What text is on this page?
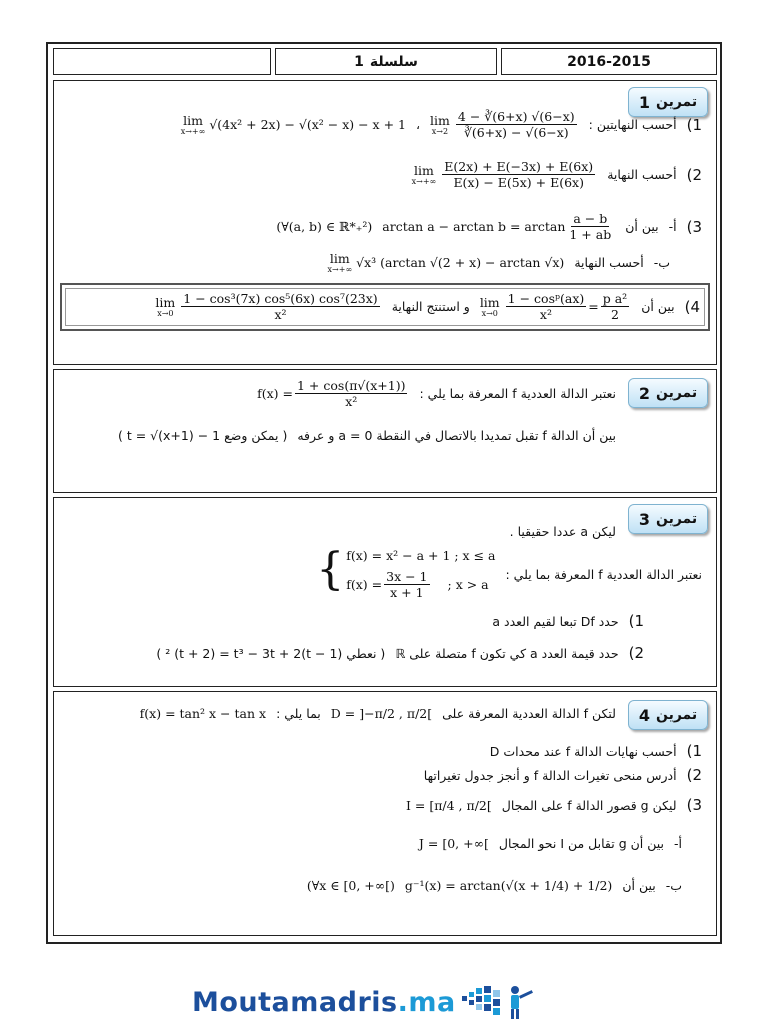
سلسلة
1	2016-2015
تمرين
1
1)
أحسب النهايتين :
lim
$x\to 2 \frac{4 - ∛(6+x) √(6-x)}{∛(6+x) - √(6-x)}$
،
lim
x→+∞ √(4x² + 2x) − √(x² − x) − x + 1
2)
أحسب النهاية
lim
$x\to+\infty \frac{E(2x) + E(-3x) + E(6x)}{E(x) - E(5x) + E(6x)}$
3)
أ-
بين أن
$\arctan a - \arctan b = \arctan \frac{a - b}{1 + ab}$
(∀(a, b) ∈ ℝ*₊²)
ب-
أحسب النهاية
lim
x→+∞ √x³ (arctan √(2 + x) − arctan √x)
4)
بين أن
lim
$x\to 0 \frac{\text{1 − cosᵖ(ax)}}{\text{x²}} = \frac{\text{p a²}}{2}$
و استنتج النهاية
lim
$x\to 0 \frac{\text{1 − cos³(7x) cos⁵(6x) cos⁷(23x)}}{\text{x²}}$
تمرين
2
نعتبر الدالة العددية f المعرفة بما يلي :
$f(x) = \frac{1 + \cos(\pi√(x+1))}{\text{x²}}$
بين أن الدالة f تقبل تمديدا بالاتصال في النقطة a = 0 و عرفه
( يمكن وضع t = √(x+1) − 1 )
تمرين
3
ليكن a عددا حقيقيا .
نعتبر الدالة العددية f المعرفة بما يلي :
{ f(x) = x² − a + 1 ; x ≤ a
$f(x) = \frac{3x - 1}{x + 1}$ ; x > a
1)
حدد Df تبعا لقيم العدد a
2)
حدد قيمة العدد a كي تكون f متصلة على ℝ
( نعطي (t − 1)² (t + 2) = t³ − 3t + 2 )
تمرين
4
لتكن f الدالة العددية المعرفة على
D = ]−π/2 , π/2[
بما يلي :
f(x) = tan² x − tan x
1)
أحسب نهايات الدالة f عند محدات D
2)
أدرس منحى تغيرات الدالة f و أنجز جدول تغيراتها
3)
ليكن g قصور الدالة f على المجال
I = [π/4 , π/2[
أ-
بين أن g تقابل من I نحو المجال
J = [0, +∞[
ب-
بين أن
g⁻¹(x) = arctan(√(x + 1/4) + 1/2)
(∀x ∈ [0, +∞[)
Moutamadris .ma
